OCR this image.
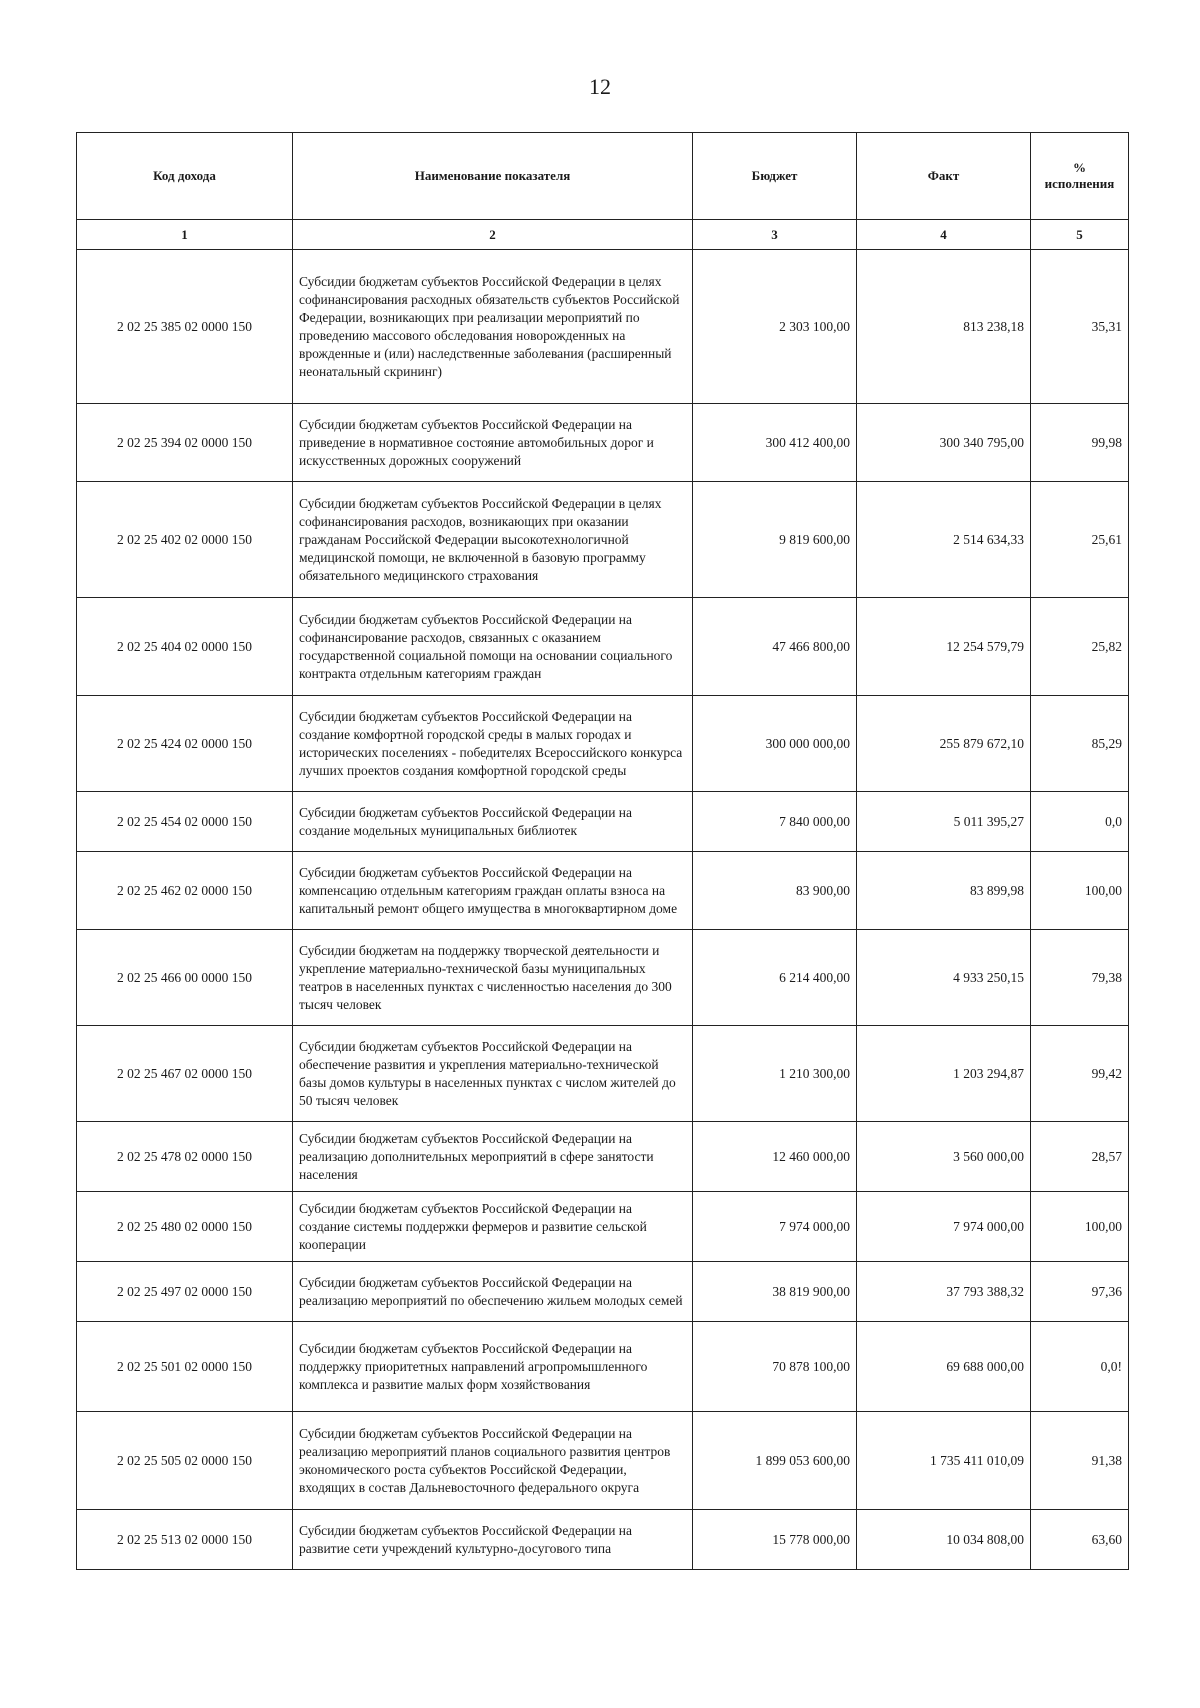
12
Код дохода	Наименование показателя	Бюджет	Факт	% исполнения
1	2	3	4	5
2 02 25 385 02 0000 150	Субсидии бюджетам субъектов Российской Федерации в целях софинансирования расходных обязательств субъектов Российской Федерации, возникающих при реализации мероприятий по проведению массового обследования новорожденных на врожденные и (или) наследственные заболевания (расширенный неонатальный скрининг)	2 303 100,00	813 238,18	35,31
2 02 25 394 02 0000 150	Субсидии бюджетам субъектов Российской Федерации на приведение в нормативное состояние автомобильных дорог и искусственных дорожных сооружений	300 412 400,00	300 340 795,00	99,98
2 02 25 402 02 0000 150	Субсидии бюджетам субъектов Российской Федерации в целях софинансирования расходов, возникающих при оказании гражданам Российской Федерации высокотехнологичной медицинской помощи, не включенной в базовую программу обязательного медицинского страхования	9 819 600,00	2 514 634,33	25,61
2 02 25 404 02 0000 150	Субсидии бюджетам субъектов Российской Федерации на софинансирование расходов, связанных с оказанием государственной социальной помощи на основании социального контракта отдельным категориям граждан	47 466 800,00	12 254 579,79	25,82
2 02 25 424 02 0000 150	Субсидии бюджетам субъектов Российской Федерации на создание комфортной городской среды в малых городах и исторических поселениях - победителях Всероссийского конкурса лучших проектов создания комфортной городской среды	300 000 000,00	255 879 672,10	85,29
2 02 25 454 02 0000 150	Субсидии бюджетам субъектов Российской Федерации на создание модельных муниципальных библиотек	7 840 000,00	5 011 395,27	0,0
2 02 25 462 02 0000 150	Субсидии бюджетам субъектов Российской Федерации на компенсацию отдельным категориям граждан оплаты взноса на капитальный ремонт общего имущества в многоквартирном доме	83 900,00	83 899,98	100,00
2 02 25 466 00 0000 150	Субсидии бюджетам на поддержку творческой деятельности и укрепление материально-технической базы муниципальных театров в населенных пунктах с численностью населения до 300 тысяч человек	6 214 400,00	4 933 250,15	79,38
2 02 25 467 02 0000 150	Субсидии бюджетам субъектов Российской Федерации на обеспечение развития и укрепления материально-технической базы домов культуры в населенных пунктах с числом жителей до 50 тысяч человек	1 210 300,00	1 203 294,87	99,42
2 02 25 478 02 0000 150	Субсидии бюджетам субъектов Российской Федерации на реализацию дополнительных мероприятий в сфере занятости населения	12 460 000,00	3 560 000,00	28,57
2 02 25 480 02 0000 150	Субсидии бюджетам субъектов Российской Федерации на создание системы поддержки фермеров и развитие сельской кооперации	7 974 000,00	7 974 000,00	100,00
2 02 25 497 02 0000 150	Субсидии бюджетам субъектов Российской Федерации на реализацию мероприятий по обеспечению жильем молодых семей	38 819 900,00	37 793 388,32	97,36
2 02 25 501 02 0000 150	Субсидии бюджетам субъектов Российской Федерации на поддержку приоритетных направлений агропромышленного комплекса и развитие малых форм хозяйствования	70 878 100,00	69 688 000,00	0,0!
2 02 25 505 02 0000 150	Субсидии бюджетам субъектов Российской Федерации на реализацию мероприятий планов социального развития центров экономического роста субъектов Российской Федерации, входящих в состав Дальневосточного федерального округа	1 899 053 600,00	1 735 411 010,09	91,38
2 02 25 513 02 0000 150	Субсидии бюджетам субъектов Российской Федерации на развитие сети учреждений культурно-досугового типа	15 778 000,00	10 034 808,00	63,60
